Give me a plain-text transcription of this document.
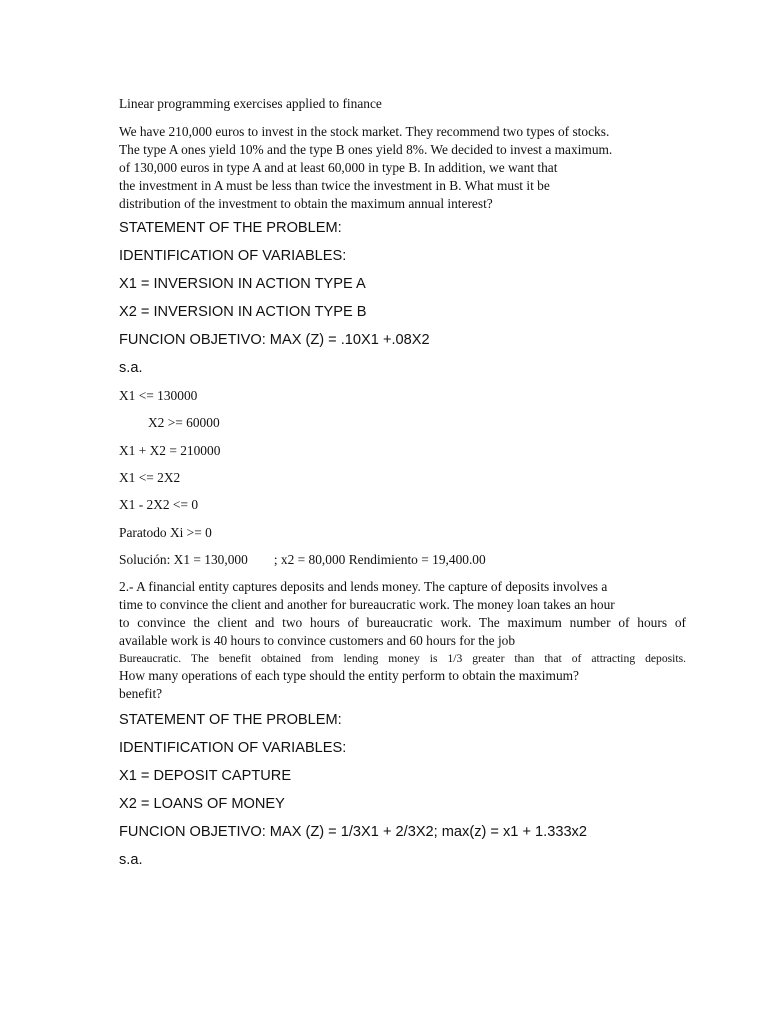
Linear programming exercises applied to finance

We have 210,000 euros to invest in the stock market. They recommend two types of stocks.

The type A ones yield 10% and the type B ones yield 8%. We decided to invest a maximum.

of 130,000 euros in type A and at least 60,000 in type B. In addition, we want that

the investment in A must be less than twice the investment in B. What must it be

distribution of the investment to obtain the maximum annual interest?

STATEMENT OF THE PROBLEM:

IDENTIFICATION OF VARIABLES:

X1 = INVERSION IN ACTION TYPE A

X2 = INVERSION IN ACTION TYPE B

FUNCION OBJETIVO: MAX (Z) = .10X1 +.08X2

s.a.

X1 <= 130000

X2 >= 60000

X1 + X2 = 210000

X1 <= 2X2

X1 - 2X2 <= 0

Paratodo Xi >= 0

Solución: X1 = 130,000 ; x2 = 80,000 Rendimiento = 19,400.00

2.- A financial entity captures deposits and lends money. The capture of deposits involves a

time to convince the client and another for bureaucratic work. The money loan takes an hour

to convince the client and two hours of bureaucratic work. The maximum number of hours of

available work is 40 hours to convince customers and 60 hours for the job

Bureaucratic. The benefit obtained from lending money is 1/3 greater than that of attracting deposits.

How many operations of each type should the entity perform to obtain the maximum?

benefit?

STATEMENT OF THE PROBLEM:

IDENTIFICATION OF VARIABLES:

X1 = DEPOSIT CAPTURE

X2 = LOANS OF MONEY

FUNCION OBJETIVO: MAX (Z) = 1/3X1 + 2/3X2; max(z) = x1 + 1.333x2

s.a.
